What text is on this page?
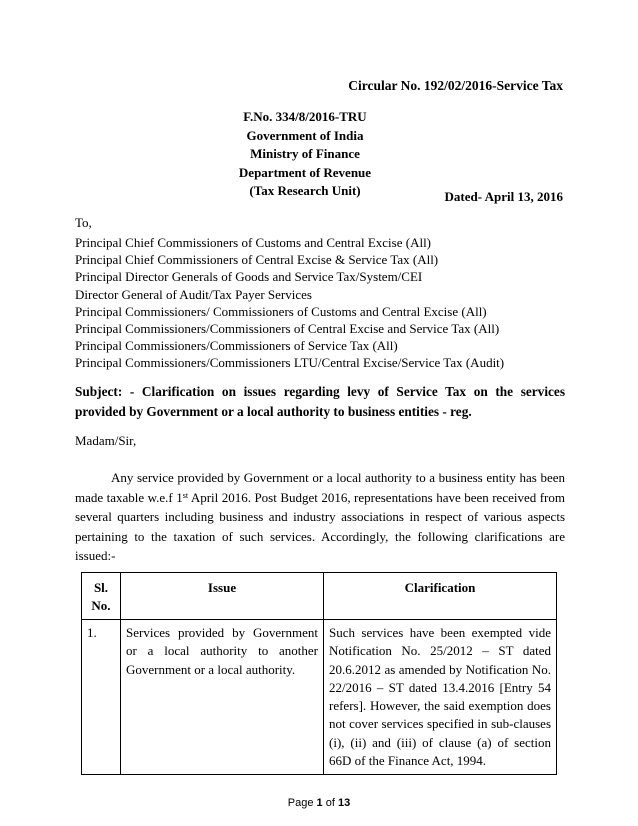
Circular No. 192/02/2016-Service Tax
F.No. 334/8/2016-TRU
Government of India
Ministry of Finance
Department of Revenue
(Tax Research Unit)	Dated- April 13, 2016
To,
Principal Chief Commissioners of Customs and Central Excise (All)
Principal Chief Commissioners of Central Excise & Service Tax (All)
Principal Director Generals of Goods and Service Tax/System/CEI
Director General of Audit/Tax Payer Services
Principal Commissioners/ Commissioners of Customs and Central Excise (All)
Principal Commissioners/Commissioners of Central Excise and Service Tax (All)
Principal Commissioners/Commissioners of Service Tax (All)
Principal Commissioners/Commissioners LTU/Central Excise/Service Tax (Audit)
Subject: - Clarification on issues regarding levy of Service Tax on the services provided by Government or a local authority to business entities - reg.
Madam/Sir,
Any service provided by Government or a local authority to a business entity has been made taxable w.e.f 1st April 2016. Post Budget 2016, representations have been received from several quarters including business and industry associations in respect of various aspects pertaining to the taxation of such services. Accordingly, the following clarifications are issued:-
Sl. No.	Issue	Clarification
1.	Services provided by Government or a local authority to another Government or a local authority.	Such services have been exempted vide Notification No. 25/2012 – ST dated 20.6.2012 as amended by Notification No. 22/2016 – ST dated 13.4.2016 [Entry 54 refers]. However, the said exemption does not cover services specified in sub-clauses (i), (ii) and (iii) of clause (a) of section 66D of the Finance Act, 1994.
Page 1 of 13
